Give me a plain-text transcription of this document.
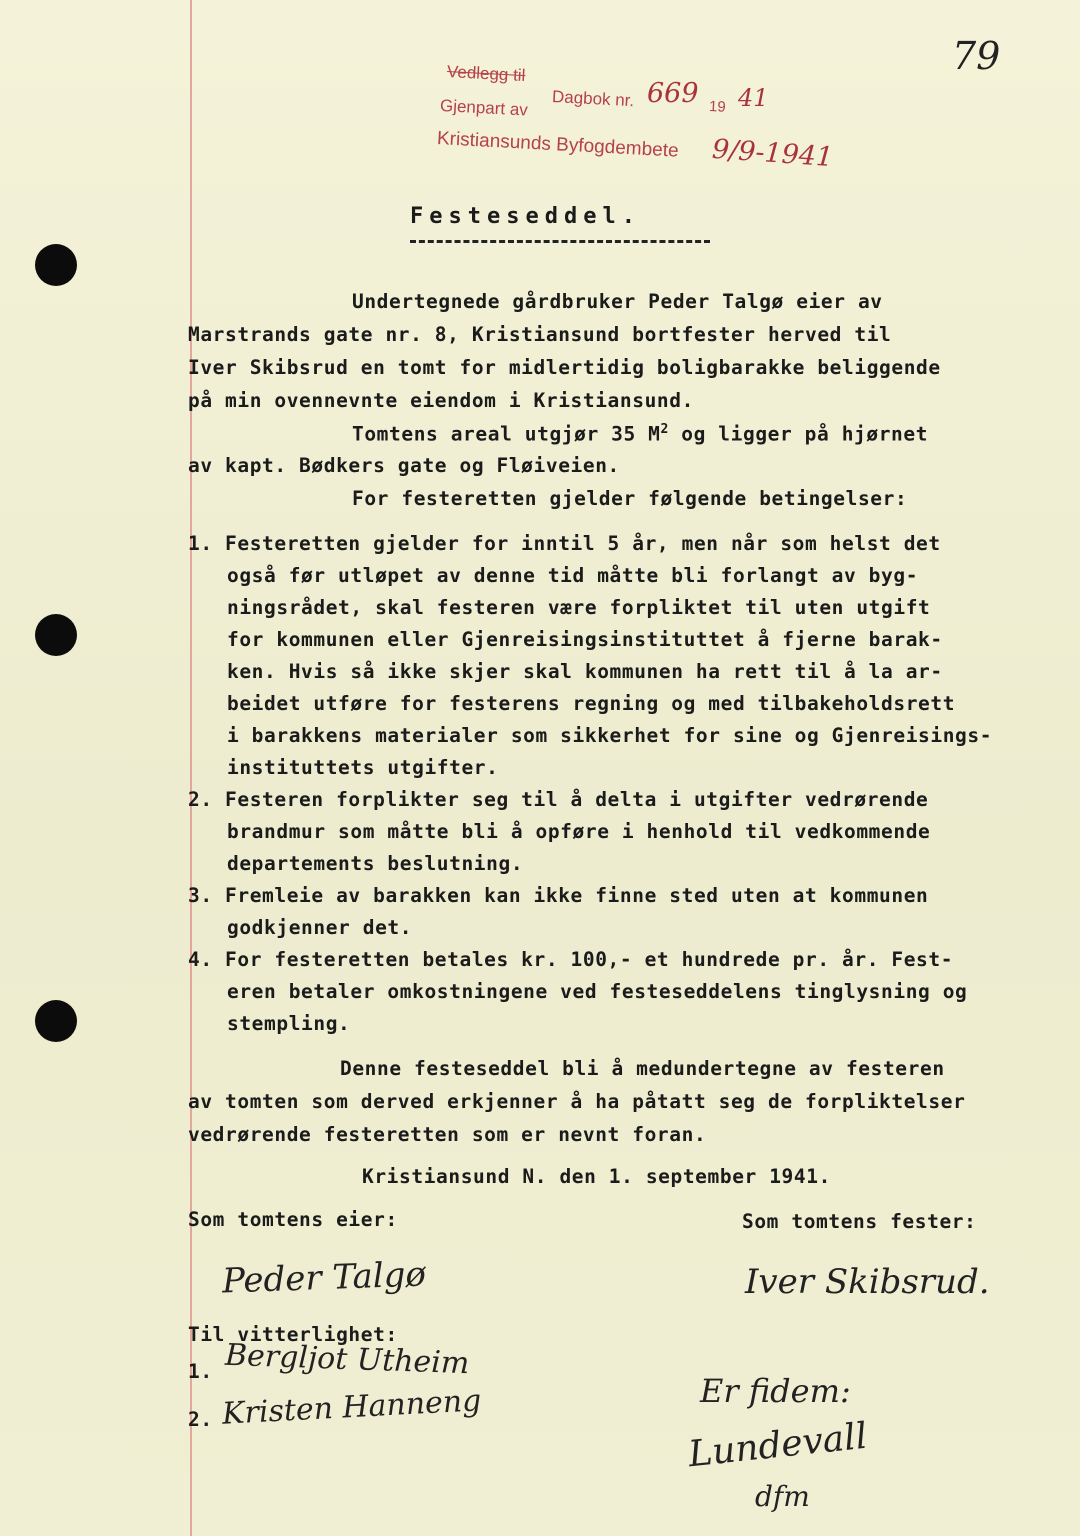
Vedlegg til
Gjenpart av Dagbok nr. 669 19 41
Kristiansunds Byfogdembete 9/9-1941
79
Festeseddel.
Undertegnede gårdbruker Peder Talgø eier av
Marstrands gate nr. 8, Kristiansund bortfester herved til
Iver Skibsrud en tomt for midlertidig boligbarakke beliggende
på min ovennevnte eiendom i Kristiansund.
Tomtens areal utgjør 35 $M^2$ og ligger på hjørnet
av kapt. Bødkers gate og Fløiveien.
For festeretten gjelder følgende betingelser:
1. Festeretten gjelder for inntil 5 år, men når som helst det
også før utløpet av denne tid måtte bli forlangt av byg-
ningsrådet, skal festeren være forpliktet til uten utgift
for kommunen eller Gjenreisingsinstituttet å fjerne barak-
ken. Hvis så ikke skjer skal kommunen ha rett til å la ar-
beidet utføre for festerens regning og med tilbakeholdsrett
i barakkens materialer som sikkerhet for sine og Gjenreisings-
instituttets utgifter.
2. Festeren forplikter seg til å delta i utgifter vedrørende
brandmur som måtte bli å opføre i henhold til vedkommende
departements beslutning.
3. Fremleie av barakken kan ikke finne sted uten at kommunen
godkjenner det.
4. For festeretten betales kr. 100,- et hundrede pr. år. Fest-
eren betaler omkostningene ved festeseddelens tinglysning og
stempling.
Denne festeseddel bli å medundertegne av festeren
av tomten som derved erkjenner å ha påtatt seg de forpliktelser
vedrørende festeretten som er nevnt foran.
Kristiansund N. den 1. september 1941.
Som tomtens eier:	Som tomtens fester:
Peder Talgø	Iver Skibsrud.
Til vitterlighet:
1. Bergljot Utheim
2. Kristen Hanneng	Er fidem:
Lundevall
dfm
